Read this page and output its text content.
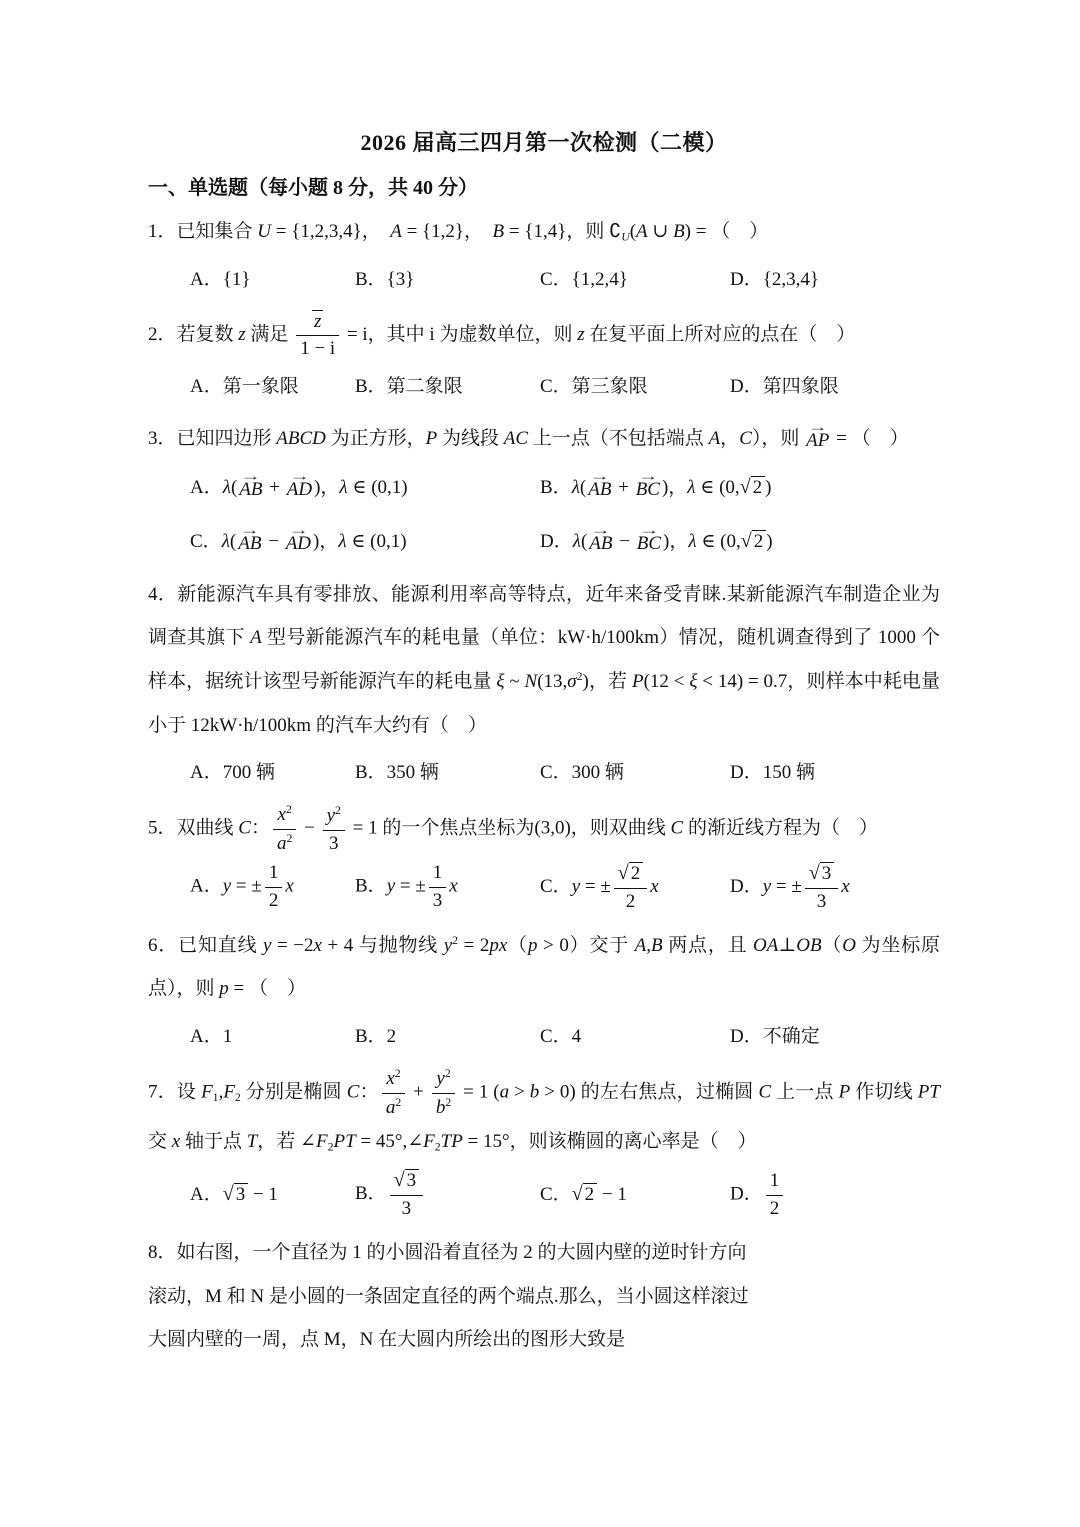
2026 届高三四月第一次检测（二模）
一、单选题（每小题 8 分，共 40 分）

1．已知集合 U = {1,2,3,4}， A = {1,2}， B = {1,4}，则 ∁U(A ∪ B) = （ ）

A．{1}	B．{3}	C．{1,2,4}	D．{2,3,4}

2．若复数 z 满足 $\frac{z}{1 - i} = i$，其中 i 为虚数单位，则 z 在复平面上所对应的点在（ ）

A．第一象限	B．第二象限	C．第三象限	D．第四象限

3．已知四边形 ABCD 为正方形，P 为线段 AC 上一点（不包括端点 A，C），则
→
AP = （ ）

A．λ(
→
AB +
→
AD )，λ ∈ (0,1)	B．λ(
→
AB +
→
BC )，λ ∈ (0,√ 2 )
C．λ(
→
AB −
→
AD )，λ ∈ (0,1)	D．λ(
→
AB −
→
BC )，λ ∈ (0,√ 2 )

4．新能源汽车具有零排放、能源利用率高等特点，近年来备受青睐.某新能源汽车制造企业为调查其旗下 A 型号新能源汽车的耗电量（单位：kW·h/100km）情况，随机调查得到了 1000 个样本，据统计该型号新能源汽车的耗电量 ξ ~ $N(13,\sigma^2)$，若 P(12 < ξ < 14) = 0.7，则样本中耗电量小于 12kW·h/100km 的汽车大约有（ ）

A．700 辆	B．350 辆	C．300 辆	D．150 辆

5．双曲线 C： $\frac{x^2}{a^2} - \frac{y^2}{3} = 1$ 的一个焦点坐标为(3,0)，则双曲线 C 的渐近线方程为（ ）

A．y = ± $\frac{1}{2}$ x	B．y = ± $\frac{1}{3}$ x	C．y = ± $\frac{√ 2}{2}$ x	D．y = ± $\frac{√ 3}{3}$ x

6．已知直线 y = −2x + 4 与抛物线 $y^2 = 2px(p > 0)$交于 A,B 两点，且 OA⊥OB（O 为坐标原点），则 p = （ ）

A．1	B．2	C．4	D．不确定

7．设 F1,F2 分别是椭圆 C： $\frac{x^2}{a^2} + \frac{y^2}{b^2} = 1$ (a > b > 0) 的左右焦点，过椭圆 C 上一点 P 作切线 PT 交 x 轴于点 T，若 ∠F2PT = 45°,∠F2TP = 15°，则该椭圆的离心率是（ ）

A．√ 3 − 1	B． $\frac{√ 3}{3}$	C．√ 2 − 1	D． $\frac{1}{2}$

8．如右图，一个直径为 1 的小圆沿着直径为 2 的大圆内壁的逆时针方向滚动，M 和 N 是小圆的一条固定直径的两个端点.那么，当小圆这样滚过大圆内壁的一周，点 M，N 在大圆内所绘出的图形大致是
